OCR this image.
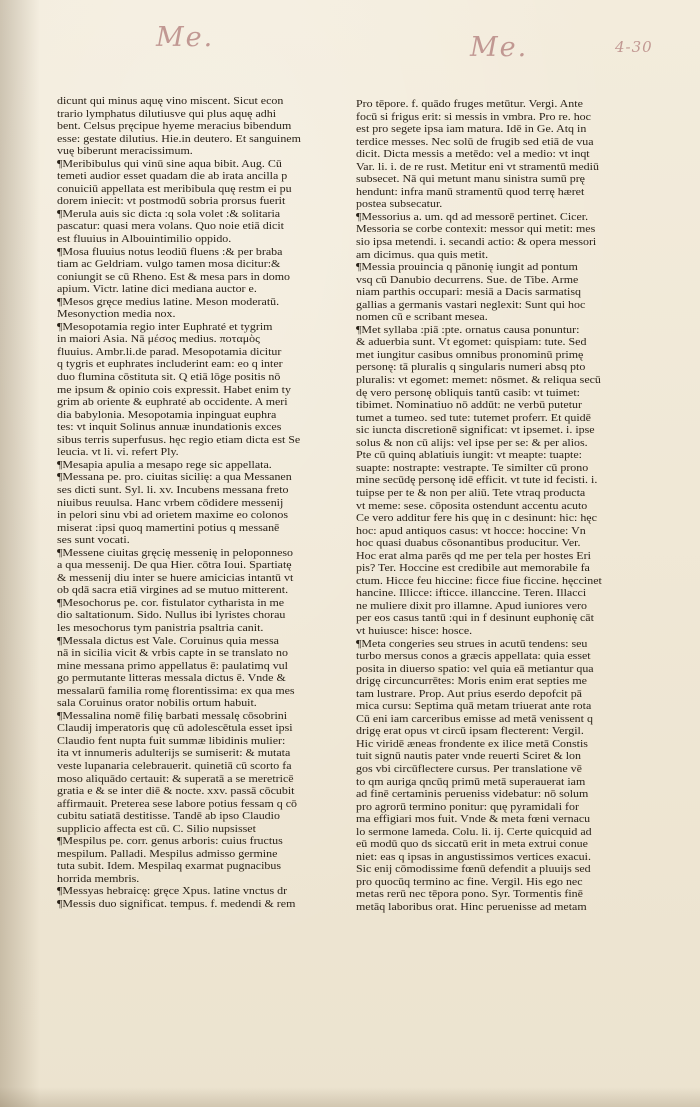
Me.	Me.	4-30
dicunt qui minus aquę vino miscent. Sicut econ
trario lymphatus dilutiusve qui plus aquę adhi
bent. Celsus pręcipue hyeme meracius bibendum
esse: gestate dilutius. Hie.in deutero. Et sanguinem
vuę biberunt meracissimum.
¶Meribibulus qui vinū sine aqua bibit. Aug. Cū
temeti audior esset quadam die ab irata ancilla p
conuiciū appellata est meribibula quę restm ei pu
dorem iniecit: vt postmodū sobria prorsus fuerit
¶Merula auis sic dicta :q sola volet :& solitaria
pascatur: quasi mera volans. Quo noie etiā dicit
est fluuius in Albouintimilio oppido.
¶Mosa fluuius notus leodiū fluens :& per braba
tiam ac Geldriam. vulgo tamen mosa dicitur:&
coniungit se cū Rheno. Est & mesa pars in domo
apium. Victr. latine dici mediana auctor e.
¶Mesos gręce medius latine. Meson moderatū.
Mesonyction media nox.
¶Mesopotamia regio inter Euphraté et tygrim
in maiori Asia. Nā μέσος medius. ποταμὸς
fluuius. Ambr.li.de parad. Mesopotamia dicitur
q tygris et euphrates includerint eam: eo q inter
duo flumina cōstituta sit. Q etiā lōge positis nō
me ipsum & opinio cois expressit. Habet enim ty
grim ab oriente & euphraté ab occidente. A meri
dia babylonia. Mesopotamia inpinguat euphra
tes: vt inquit Solinus annuæ inundationis exces
sibus terris superfusus. hęc regio etiam dicta est Se
leucia. vt li. vi. refert Ply.
¶Mesapia apulia a mesapo rege sic appellata.
¶Messana pe. pro. ciuitas sicilię: a qua Messanen
ses dicti sunt. Syl. li. xv. Incubens messana freto
niuibus reuulsa. Hanc vrbem cōdidere messenij
in pelori sinu vbi ad orietem maxime eo colonos
miserat :ipsi quoq mamertini potius q messanē
ses sunt vocati.
¶Messene ciuitas gręcię messenię in peloponneso
a qua messenij. De qua Hier. cōtra Ioui. Spartiatę
& messenij diu inter se huere amicicias intantū vt
ob qdā sacra etiā virgines ad se mutuo mitterent.
¶Mesochorus pe. cor. fistulator cytharista in me
dio saltationum. Sido. Nullus ibi lyristes chorau
les mesochorus tym panistria psaltria canit.
¶Messala dictus est Vale. Coruinus quia messa
nā in sicilia vicit & vrbis capte in se translato no
mine messana primo appellatus ē: paulatimq vul
go permutante litteras messala dictus ē. Vnde &
messalarū familia romę florentissima: ex qua mes
sala Coruinus orator nobilis ortum habuit.
¶Messalina nomē filię barbati messalę cōsobrini
Claudij imperatoris quę cū adolescētula esset ipsi
Claudio fent nupta fuit summæ libidinis mulier:
ita vt innumeris adulterijs se sumiserit: & mutata
veste lupanaria celebrauerit. quinetiā cū scorto fa
moso aliquādo certauit: & superatā a se meretricē
gratia e & se inter diē & nocte. xxv. passā cōcubit
affirmauit. Preterea sese labore potius fessam q cō
cubitu satiatā destitisse. Tandē ab ipso Claudio
supplicio affecta est cū. C. Silio nupsisset
¶Mespilus pe. corr. genus arboris: cuius fructus
mespilum. Palladi. Mespilus admisso germine
tuta subit. Idem. Mespilaq exarmat pugnacibus
horrida membris.
¶Messyas hebraicę: gręce Xpus. latine vnctus dr
¶Messis duo significat. tempus. f. medendi & rem
Pro tēpore. f. quādo fruges metūtur. Vergi. Ante
focū si frigus erit: si messis in vmbra. Pro re. hoc
est pro segete ipsa iam matura. Idē in Ge. Atq in
terdice messes. Nec solū de frugib sed etiā de vua
dicit. Dicta messis a metēdo: vel a medio: vt inqt
Var. li. i. de re rust. Metitur eni vt stramentū mediū
subsecet. Nā qui metunt manu sinistra sumū prę
hendunt: infra manū stramentū quod terrę hæret
postea subsecatur.
¶Messorius a. um. qd ad messorē pertinet. Cicer.
Messoria se corbe contexit: messor qui metit: mes
sio ipsa metendi. i. secandi actio: & opera messori
am dicimus. qua quis metit.
¶Messia prouincia q pānonię iungit ad pontum
vsq cū Danubio decurrens. Sue. de Tibe. Arme
niam parthis occupari: mesiā a Dacis sarmatisq
gallias a germanis vastari neglexit: Sunt qui hoc
nomen cū e scribant mesea.
¶Met syllaba :piā :pte. ornatus causa ponuntur:
& aduerbia sunt. Vt egomet: quispiam: tute. Sed
met iungitur casibus omnibus pronominū primę
personę: tā pluralis q singularis numeri absq pto
pluralis: vt egomet: memet: nōsmet. & reliqua secū
dę vero personę obliquis tantū casib: vt tuimet:
tibimet. Nominatiuo nō addūt: ne verbū putetur
tumet a tumeo. sed tute: tutemet proferr. Et quidē
sic iuncta discretionē significat: vt ipsemet. i. ipse
solus & non cū alijs: vel ipse per se: & per alios.
Pte cū quinq ablatiuis iungit: vt meapte: tuapte:
suapte: nostrapte: vestrapte. Te similter cū prono
mine secūdę personę idē efficit. vt tute id fecisti. i.
tuipse per te & non per aliū. Tete vtraq producta
vt meme: sese. cōposita ostendunt accentu acuto
Ce vero additur fere his quę in c desinunt: hic: hęc
hoc: apud antiquos casus: vt hocce: hoccine: Vn
hoc quasi duabus cōsonantibus producitur. Ver.
Hoc erat alma parēs qd me per tela per hostes Eri
pis? Ter. Hoccine est credibile aut memorabile fa
ctum. Hicce feu hiccine: ficce fiue ficcine. hęccinet
hancine. Illicce: ifticce. illanccine. Teren. Illacci
ne muliere dixit pro illamne. Apud iuniores vero
per eos casus tantū :qui in f desinunt euphonię cāt
vt huiusce: hisce: hosce.
¶Meta congeries seu strues in acutū tendens: seu
turbo mersus conos a græcis appellata: quia esset
posita in diuerso spatio: vel quia eā metiantur qua
drigę circuncurrētes: Moris enim erat septies me
tam lustrare. Prop. Aut prius eserdo depofcit pā
mica cursu: Septima quā metam triuerat ante rota
Cū eni iam carceribus emisse ad metā venissent q
drigę erat opus vt circū ipsam flecterent: Vergil.
Hic viridē æneas frondente ex ilice metā Constis
tuit signū nautis pater vnde reuerti Sciret & lon
gos vbi circūflectere cursus. Per translatione vē
to qm auriga qncūq primū metā superauerat iam
ad finē certaminis perueniss videbatur: nō solum
pro agrorū termino ponitur: quę pyramidali for
ma effigiari mos fuit. Vnde & meta fœni vernacu
lo sermone lameda. Colu. li. ij. Certe quicquid ad
eū modū quo ds siccatū erit in meta extrui conue
niet: eas q ipsas in angustissimos vertices exacui.
Sic enij cōmodissime fœnū defendit a pluuijs sed
pro quocūq termino ac fine. Vergil. His ego nec
metas rerū nec tēpora pono. Syr. Tormentis finē
metāq laboribus orat. Hinc peruenisse ad metam
